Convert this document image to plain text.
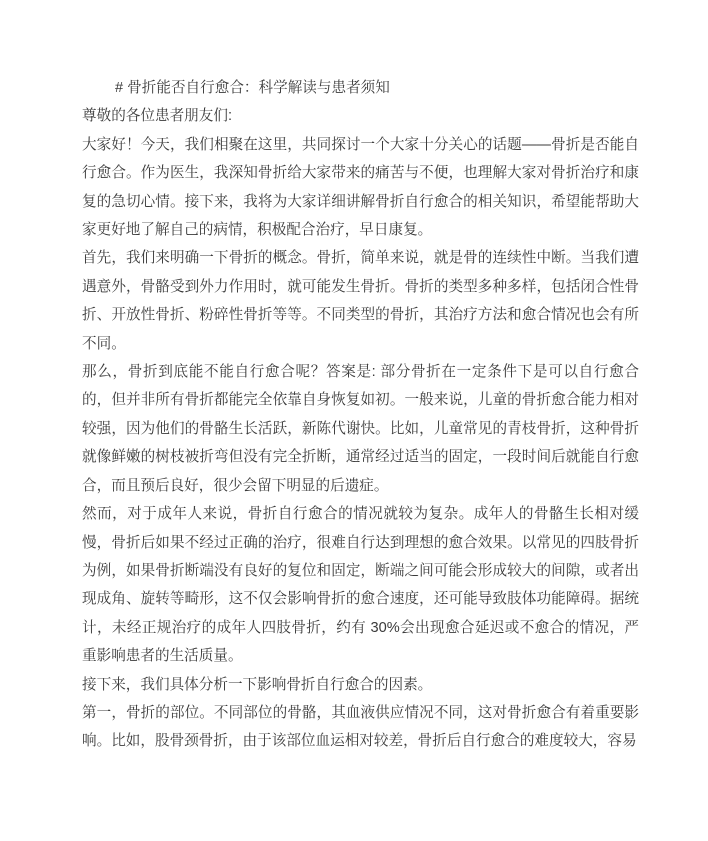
# 骨折能否自行愈合：科学解读与患者须知

尊敬的各位患者朋友们:

大家好！今天，我们相聚在这里，共同探讨一个大家十分关心的话题——骨折是否能自行愈合。作为医生，我深知骨折给大家带来的痛苦与不便，也理解大家对骨折治疗和康复的急切心情。接下来，我将为大家详细讲解骨折自行愈合的相关知识，希望能帮助大家更好地了解自己的病情，积极配合治疗，早日康复。

首先，我们来明确一下骨折的概念。骨折，简单来说，就是骨的连续性中断。当我们遭遇意外，骨骼受到外力作用时，就可能发生骨折。骨折的类型多种多样，包括闭合性骨折、开放性骨折、粉碎性骨折等等。不同类型的骨折，其治疗方法和愈合情况也会有所不同。

那么，骨折到底能不能自行愈合呢？答案是: 部分骨折在一定条件下是可以自行愈合的，但并非所有骨折都能完全依靠自身恢复如初。一般来说，儿童的骨折愈合能力相对较强，因为他们的骨骼生长活跃，新陈代谢快。比如，儿童常见的青枝骨折，这种骨折就像鲜嫩的树枝被折弯但没有完全折断，通常经过适当的固定，一段时间后就能自行愈合，而且预后良好，很少会留下明显的后遗症。

然而，对于成年人来说，骨折自行愈合的情况就较为复杂。成年人的骨骼生长相对缓慢，骨折后如果不经过正确的治疗，很难自行达到理想的愈合效果。以常见的四肢骨折为例，如果骨折断端没有良好的复位和固定，断端之间可能会形成较大的间隙，或者出现成角、旋转等畸形，这不仅会影响骨折的愈合速度，还可能导致肢体功能障碍。据统计，未经正规治疗的成年人四肢骨折，约有 30%会出现愈合延迟或不愈合的情况，严重影响患者的生活质量。

接下来，我们具体分析一下影响骨折自行愈合的因素。

第一，骨折的部位。不同部位的骨骼，其血液供应情况不同，这对骨折愈合有着重要影响。比如，股骨颈骨折，由于该部位血运相对较差，骨折后自行愈合的难度较大，容易
